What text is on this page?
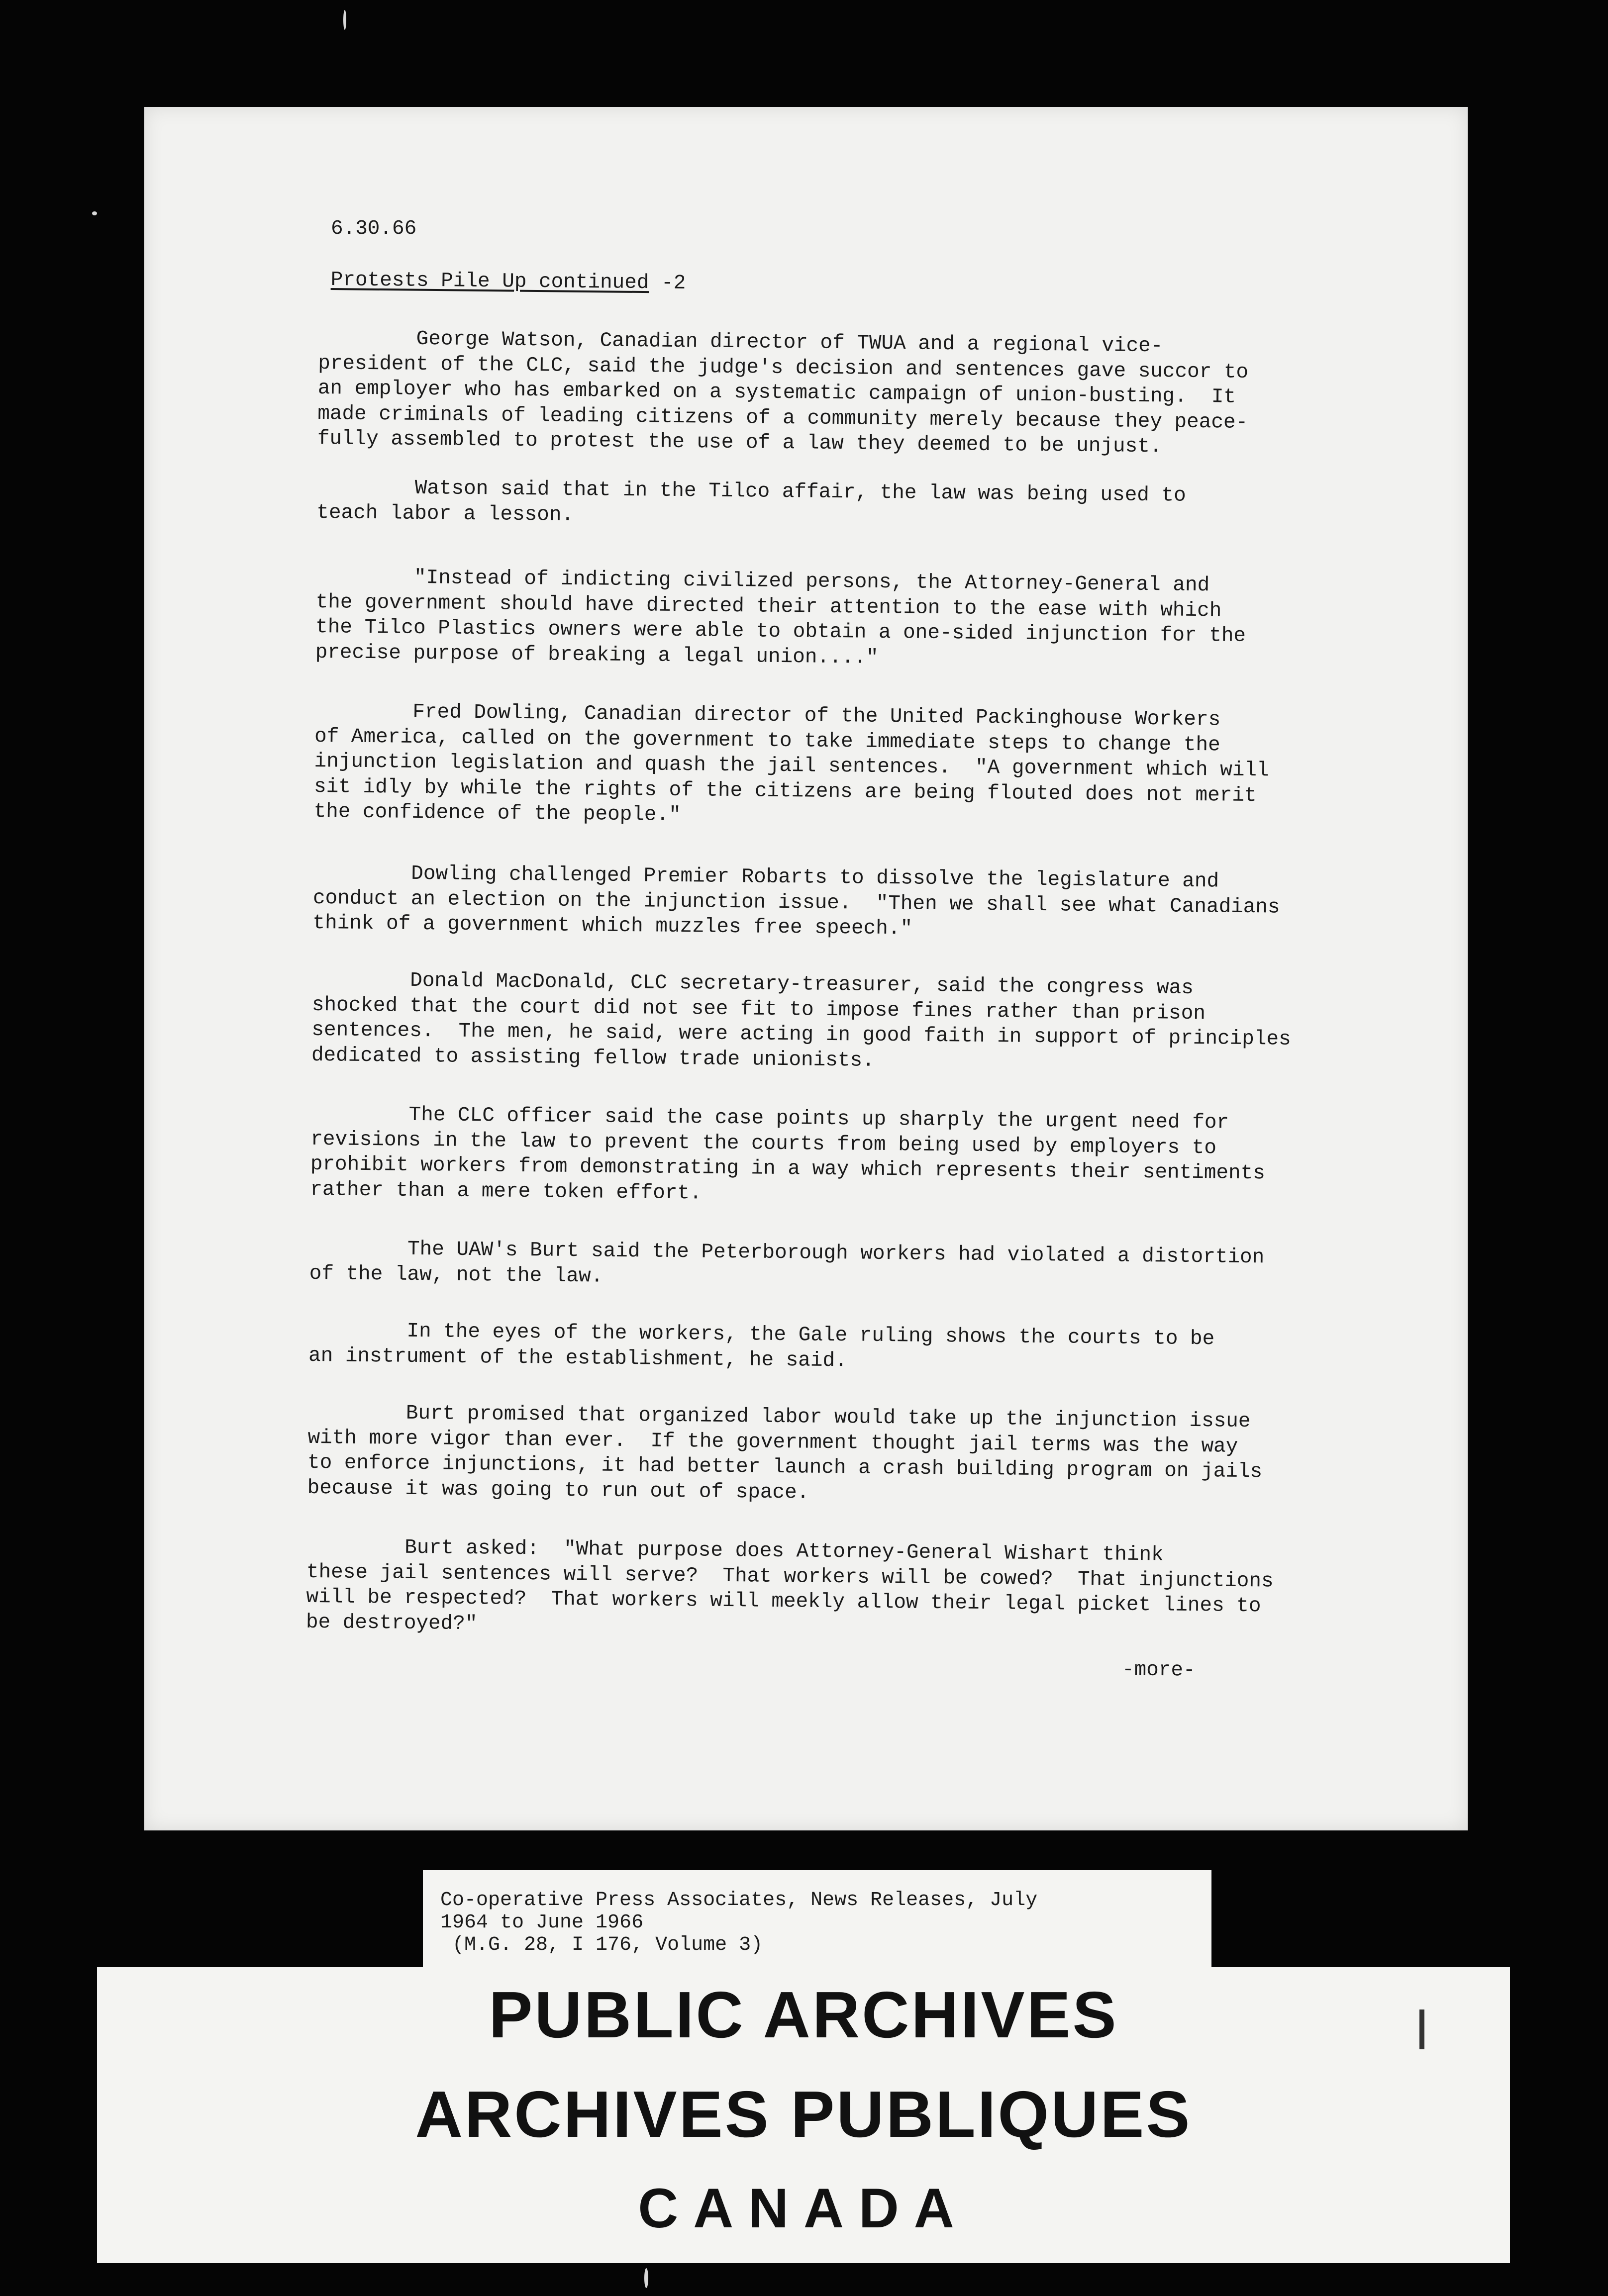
6.30.66
Protests Pile Up continued -2
George Watson, Canadian director of TWUA and a regional vice-
president of the CLC, said the judge's decision and sentences gave succor to
an employer who has embarked on a systematic campaign of union-busting.  It
made criminals of leading citizens of a community merely because they peace-
fully assembled to protest the use of a law they deemed to be unjust.
Watson said that in the Tilco affair, the law was being used to
teach labor a lesson.
"Instead of indicting civilized persons, the Attorney-General and
the government should have directed their attention to the ease with which
the Tilco Plastics owners were able to obtain a one-sided injunction for the
precise purpose of breaking a legal union...."
Fred Dowling, Canadian director of the United Packinghouse Workers
of America, called on the government to take immediate steps to change the
injunction legislation and quash the jail sentences.  "A government which will
sit idly by while the rights of the citizens are being flouted does not merit
the confidence of the people."
Dowling challenged Premier Robarts to dissolve the legislature and
conduct an election on the injunction issue.  "Then we shall see what Canadians
think of a government which muzzles free speech."
Donald MacDonald, CLC secretary-treasurer, said the congress was
shocked that the court did not see fit to impose fines rather than prison
sentences.  The men, he said, were acting in good faith in support of principles
dedicated to assisting fellow trade unionists.
The CLC officer said the case points up sharply the urgent need for
revisions in the law to prevent the courts from being used by employers to
prohibit workers from demonstrating in a way which represents their sentiments
rather than a mere token effort.
The UAW's Burt said the Peterborough workers had violated a distortion
of the law, not the law.
In the eyes of the workers, the Gale ruling shows the courts to be
an instrument of the establishment, he said.
Burt promised that organized labor would take up the injunction issue
with more vigor than ever.  If the government thought jail terms was the way
to enforce injunctions, it had better launch a crash building program on jails
because it was going to run out of space.
Burt asked:  "What purpose does Attorney-General Wishart think
these jail sentences will serve?  That workers will be cowed?  That injunctions
will be respected?  That workers will meekly allow their legal picket lines to
be destroyed?"
-more-
Co-operative Press Associates, News Releases, July
1964 to June 1966
(M.G. 28, I 176, Volume 3)
PUBLIC ARCHIVES
ARCHIVES PUBLIQUES
CANADA
